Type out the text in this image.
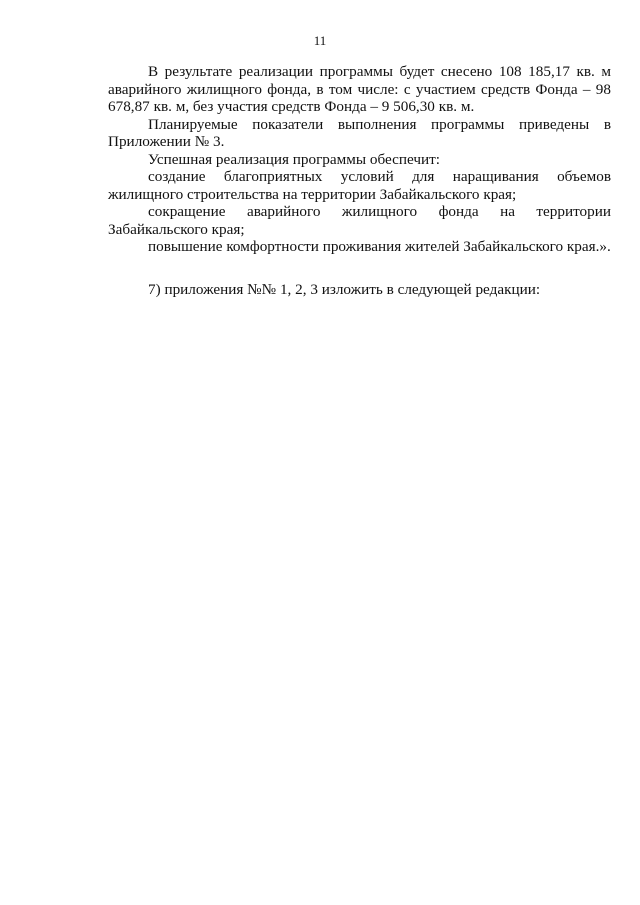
11

В результате реализации программы будет снесено 108 185,17 кв. м аварийного жилищного фонда, в том числе: с участием средств Фонда – 98 678,87 кв. м, без участия средств Фонда – 9 506,30 кв. м.

Планируемые показатели выполнения программы приведены в Приложении № 3.

Успешная реализация программы обеспечит:

создание благоприятных условий для наращивания объемов жилищного строительства на территории Забайкальского края;

сокращение аварийного жилищного фонда на территории Забайкальского края;

повышение комфортности проживания жителей Забайкальского края.».

7) приложения №№ 1, 2, 3 изложить в следующей редакции:
